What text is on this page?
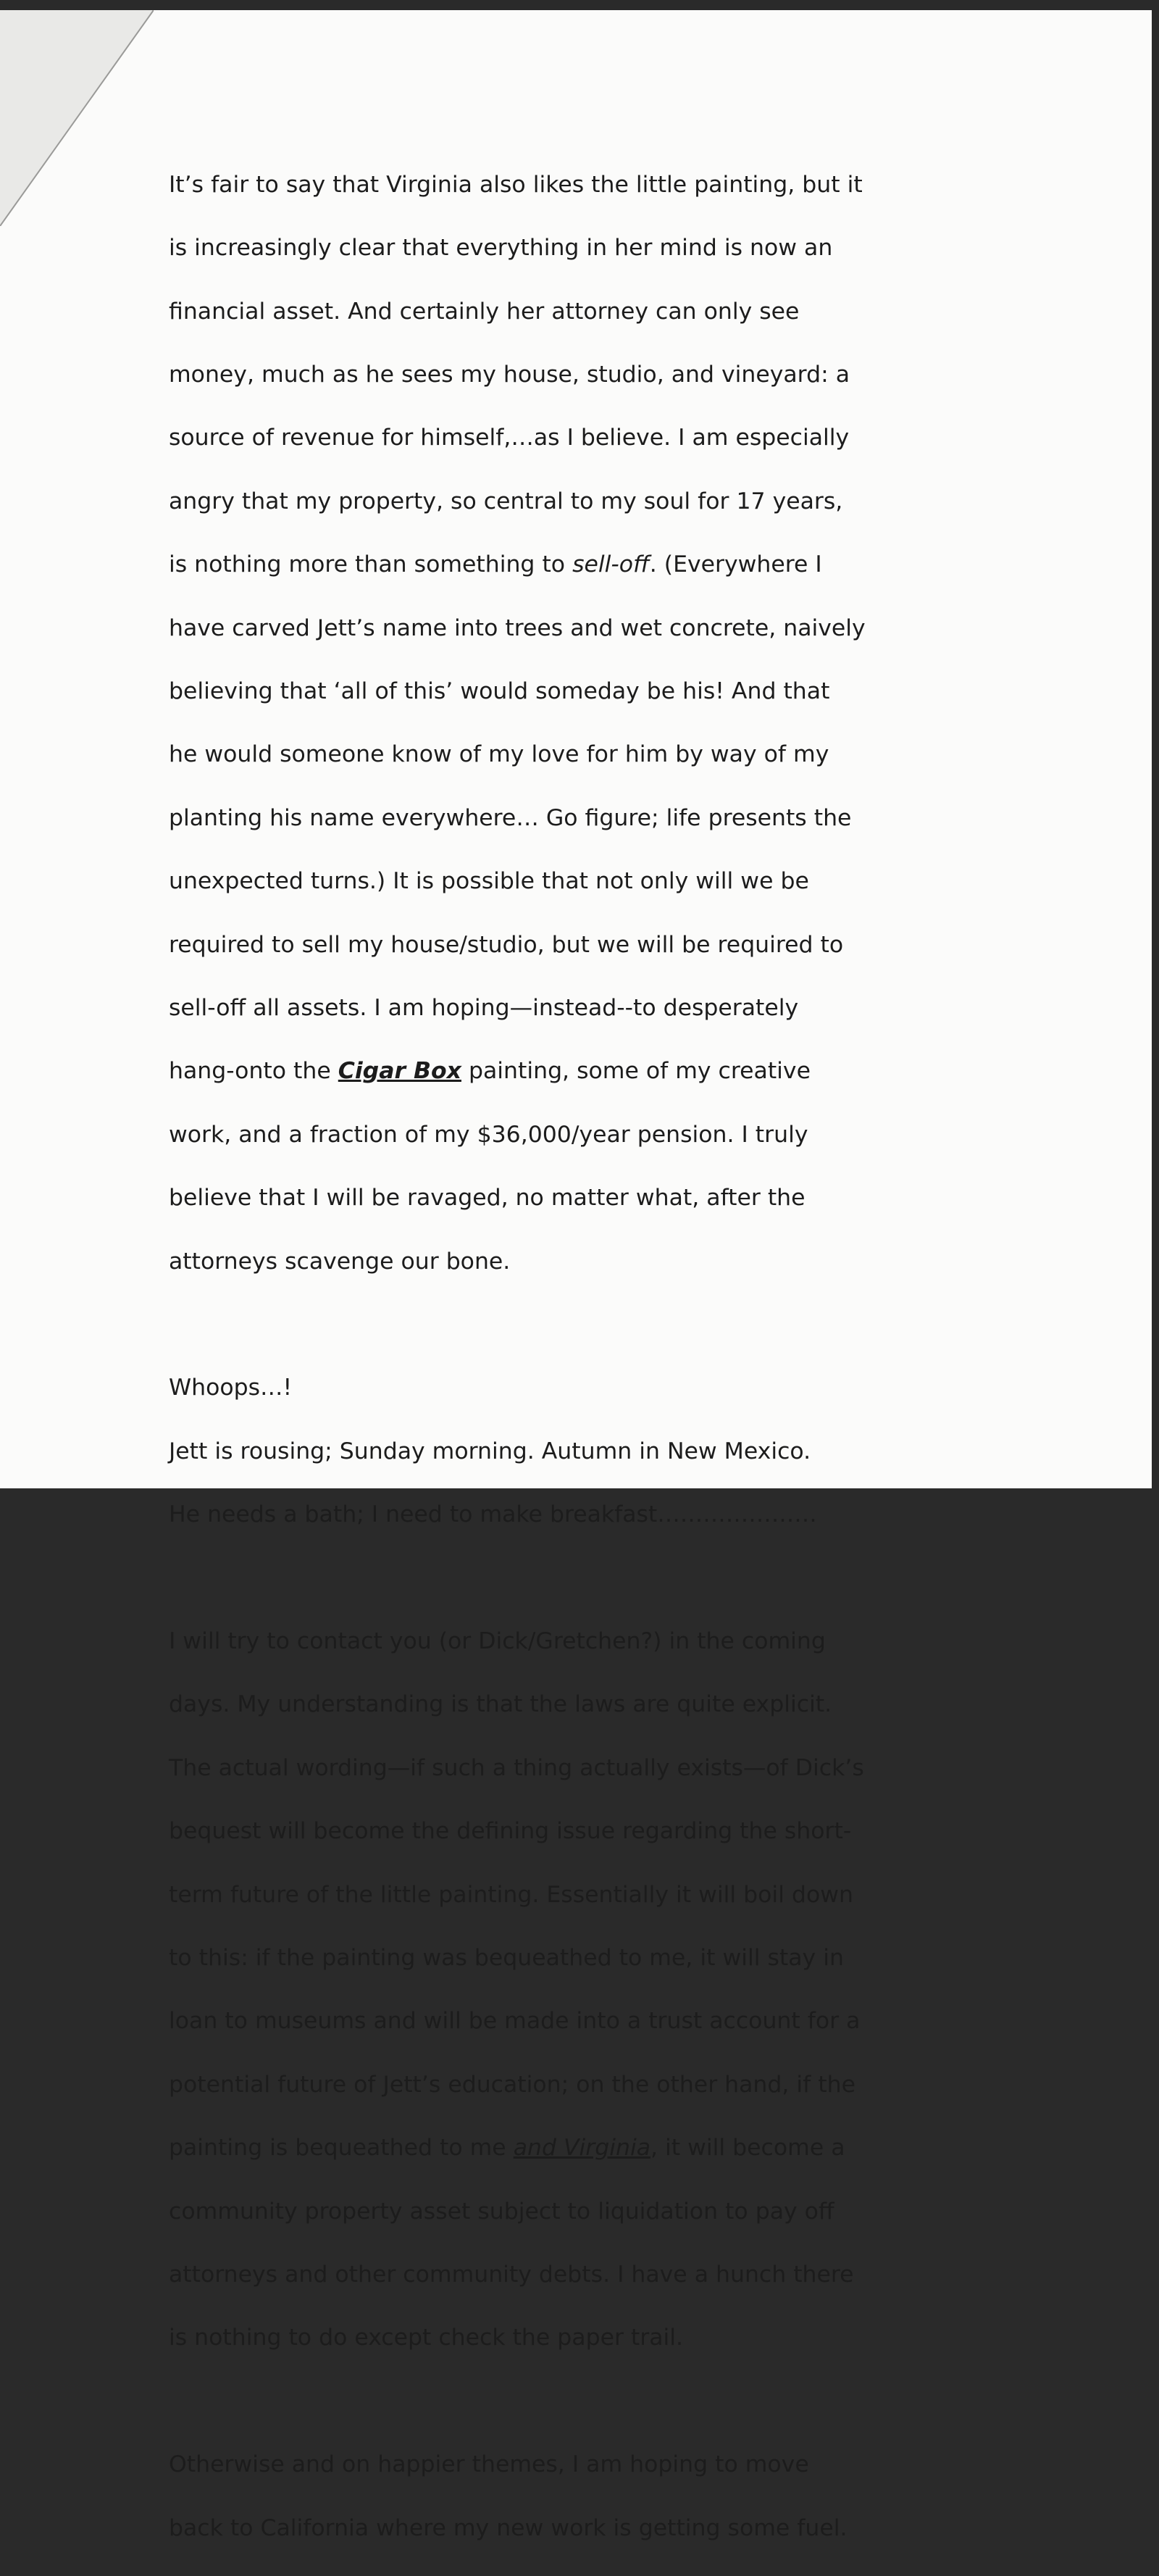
It’s fair to say that Virginia also likes the little painting, but it

is increasingly clear that everything in her mind is now an

financial asset. And certainly her attorney can only see

money, much as he sees my house, studio, and vineyard: a

source of revenue for himself,…as I believe. I am especially

angry that my property, so central to my soul for 17 years,

is nothing more than something to sell-off. (Everywhere I

have carved Jett’s name into trees and wet concrete, naively

believing that ‘all of this’ would someday be his! And that

he would someone know of my love for him by way of my

planting his name everywhere… Go figure; life presents the

unexpected turns.) It is possible that not only will we be

required to sell my house/studio, but we will be required to

sell-off all assets. I am hoping—instead--to desperately

hang-onto the Cigar Box painting, some of my creative

work, and a fraction of my $36,000/year pension. I truly

believe that I will be ravaged, no matter what, after the

attorneys scavenge our bone.

Whoops…!

Jett is rousing; Sunday morning. Autumn in New Mexico.

He needs a bath; I need to make breakfast…………………

I will try to contact you (or Dick/Gretchen?) in the coming

days. My understanding is that the laws are quite explicit.

The actual wording—if such a thing actually exists—of Dick’s

bequest will become the defining issue regarding the short-

term future of the little painting. Essentially it will boil down

to this: if the painting was bequeathed to me, it will stay in

loan to museums and will be made into a trust account for a

potential future of Jett’s education; on the other hand, if the

painting is bequeathed to me and Virginia, it will become a

community property asset subject to liquidation to pay off

attorneys and other community debts. I have a hunch there

is nothing to do except check the paper trail.

Otherwise and on happier themes, I am hoping to move

back to California where my new work is getting some fuel.
